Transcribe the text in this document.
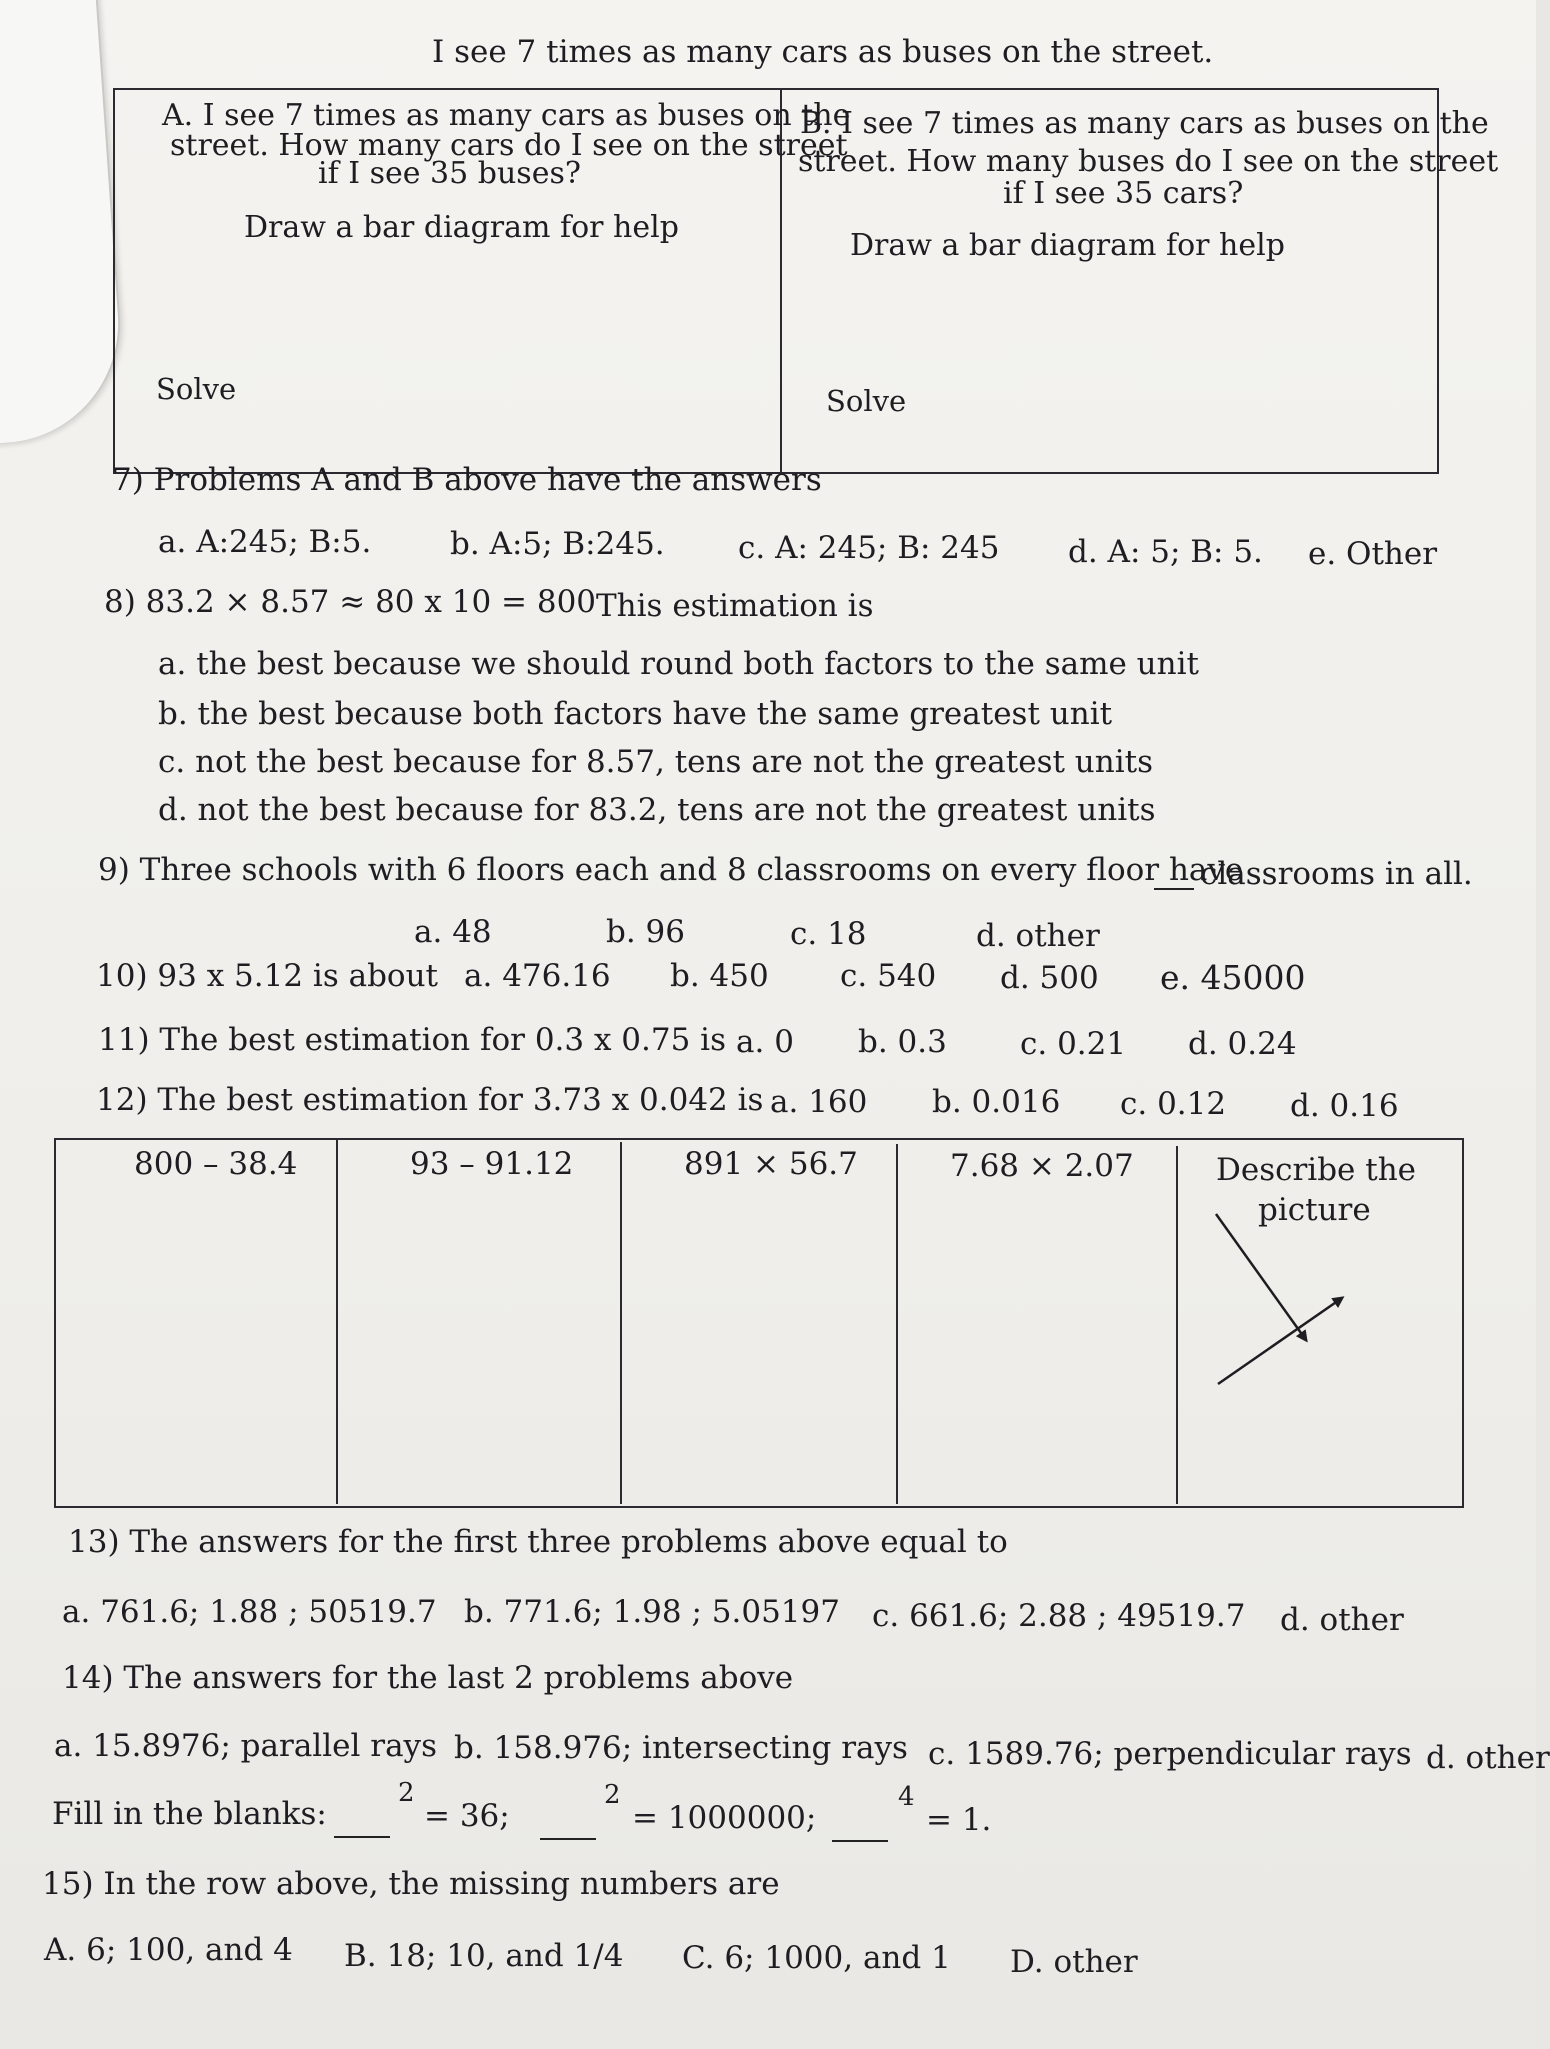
I see 7 times as many cars as buses on the street.
A. I see 7 times as many cars as buses on the
street. How many cars do I see on the street
if I see 35 buses?
Draw a bar diagram for help
Solve
B. I see 7 times as many cars as buses on the
street. How many buses do I see on the street
if I see 35 cars?
Draw a bar diagram for help
Solve
7) Problems A and B above have the answers
a. A:245; B:5.	b. A:5; B:245. c. A: 245; B: 245 d. A: 5; B: 5. e. Other
8) 83.2 × 8.57 ≈ 80 x 10 = 800 This estimation is
a. the best because we should round both factors to the same unit
b. the best because both factors have the same greatest unit
c. not the best because for 8.57, tens are not the greatest units
d. not the best because for 83.2, tens are not the greatest units
9) Three schools with 6 floors each and 8 classrooms on every floor have
classrooms in all.
a. 48	b. 96	c. 18	d. other
10) 93 x 5.12 is about a. 476.16 b. 450 c. 540 d. 500 e. 45000
11) The best estimation for 0.3 x 0.75 is a. 0 b. 0.3 c. 0.21 d. 0.24
12) The best estimation for 3.73 x 0.042 is a. 160 b. 0.016 c. 0.12 d. 0.16
800 – 38.4	93 – 91.12	891 × 56.7	7.68 × 2.07	Describe the
picture
13) The answers for the first three problems above equal to
a. 761.6; 1.88 ; 50519.7 b. 771.6; 1.98 ; 5.05197 c. 661.6; 2.88 ; 49519.7 d. other
14) The answers for the last 2 problems above
a. 15.8976; parallel rays b. 158.976; intersecting rays c. 1589.76; perpendicular rays d. other
Fill in the blanks:
2
= 36;
2
= 1000000;
4
= 1.
15) In the row above, the missing numbers are
A. 6; 100, and 4 B. 18; 10, and 1/4 C. 6; 1000, and 1 D. other
